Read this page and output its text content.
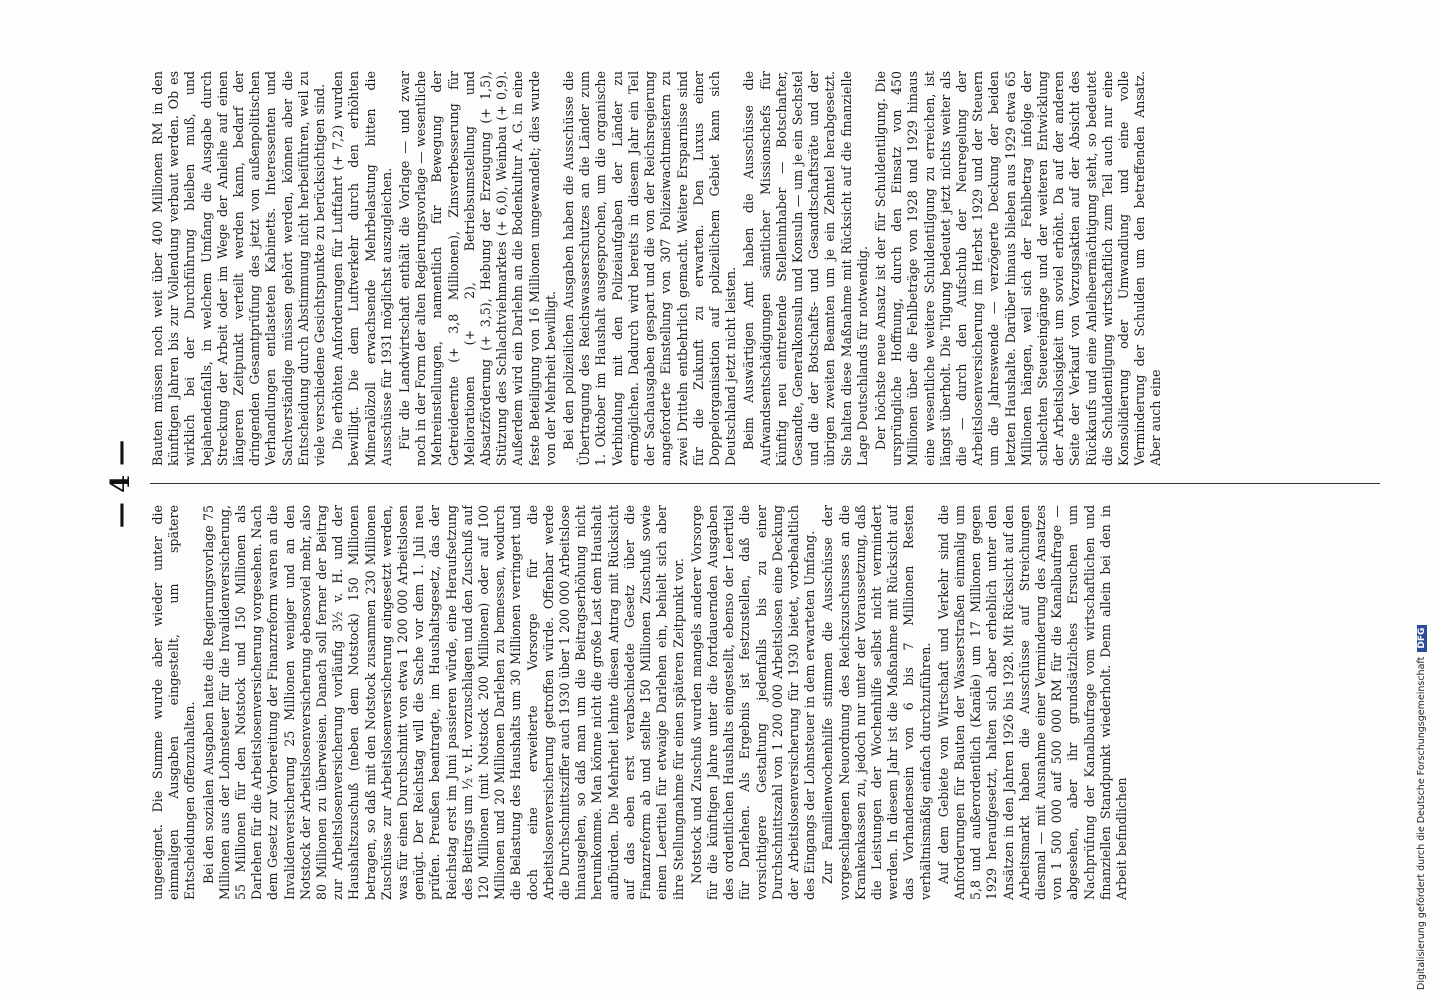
— 4 —

ungeeignet. Die Summe wurde aber wieder unter die einmaligen Ausgaben eingestellt, um spätere Entscheidungen offenzuhalten. Bei den sozialen Ausgaben hatte die Regierungsvorlage 75 Millionen aus der Lohnsteuer für die Invalidenversicherung, 55 Millionen für den Notstock und 150 Millionen als Darlehen für die Arbeitslosenversicherung vorgesehen. Nach dem Gesetz zur Vorbereitung der Finanzreform waren an die Invalidenversicherung 25 Millionen weniger und an den Notstock der Arbeitslosenversicherung ebensoviel mehr, also 80 Millionen zu überweisen. Danach soll ferner der Beitrag zur Arbeitslosenversicherung vorläufig 3½ v. H. und der Haushaltszuschuß (neben dem Notstock) 150 Millionen betragen, so daß mit den Notstock zusammen 230 Millionen Zuschüsse zur Arbeitslosenversicherung eingesetzt werden, was für einen Durchschnitt von etwa 1 200 000 Arbeitslosen genügt. Der Reichstag will die Sache vor dem 1. Juli neu prüfen. Preußen beantragte, im Haushaltsgesetz, das der Reichstag erst im Juni passieren würde, eine Heraufsetzung des Beitrags um ½ v. H. vorzuschlagen und den Zuschuß auf 120 Millionen (mit Notstock 200 Millionen) oder auf 100 Millionen und 20 Millionen Darlehen zu bemessen, wodurch die Belastung des Haushalts um 30 Millionen verringert und doch eine erweiterte Vorsorge für die Arbeitslosenversicherung getroffen würde. Offenbar werde die Durchschnittsziffer auch 1930 über 1 200 000 Arbeitslose hinausgehen, so daß man um die Beitragserhöhung nicht herumkomme. Man könne nicht die große Last dem Haushalt aufbürden. Die Mehrheit lehnte diesen Antrag mit Rücksicht auf das eben erst verabschiedete Gesetz über die Finanzreform ab und stellte 150 Millionen Zuschuß sowie einen Leertitel für etwaige Darlehen ein, behielt sich aber ihre Stellungnahme für einen späteren Zeitpunkt vor. Notstock und Zuschuß wurden mangels anderer Vorsorge für die künftigen Jahre unter die fortdauernden Ausgaben des ordentlichen Haushalts eingestellt, ebenso der Leertitel für Darlehen. Als Ergebnis ist festzustellen, daß die vorsichtigere Gestaltung jedenfalls bis zu einer Durchschnittszahl von 1 200 000 Arbeitslosen eine Deckung der Arbeitslosenversicherung für 1930 bietet, vorbehaltlich des Eingangs der Lohnsteuer in dem erwarteten Umfang. Zur Familienwochenhilfe stimmen die Ausschüsse der vorgeschlagenen Neuordnung des Reichszuschusses an die Krankenkassen zu, jedoch nur unter der Voraussetzung, daß die Leistungen der Wochenhilfe selbst nicht vermindert werden. In diesem Jahr ist die Maßnahme mit Rücksicht auf das Vorhandensein von 6 bis 7 Millionen Resten verhältnismäßig einfach durchzuführen. Auf dem Gebiete von Wirtschaft und Verkehr sind die Anforderungen für Bauten der Wasserstraßen einmalig um 5,8 und außerordentlich (Kanäle) um 17 Millionen gegen 1929 heraufgesetzt, halten sich aber erheblich unter den Ansätzen in den Jahren 1926 bis 1928. Mit Rücksicht auf den Arbeitsmarkt haben die Ausschüsse auf Streichungen diesmal — mit Ausnahme einer Verminderung des Ansatzes von 1 500 000 auf 500 000 RM für die Kanalbaufrage — abgesehen, aber ihr grundsätzliches Ersuchen um Nachprüfung der Kanalbaufrage vom wirtschaftlichen und finanziellen Standpunkt wiederholt. Denn allein bei den in Arbeit befindlichen

Bauten müssen noch weit über 400 Millionen RM in den künftigen Jahren bis zur Vollendung verbaut werden. Ob es wirklich bei der Durchführung bleiben muß, und bejahendenfalls, in welchem Umfang die Ausgabe durch Streckung der Arbeit oder im Wege der Anleihe auf einen längeren Zeitpunkt verteilt werden kann, bedarf der dringenden Gesamtprüfung des jetzt von außenpolitischen Verhandlungen entlasteten Kabinetts. Interessenten und Sachverständige müssen gehört werden, können aber die Entscheidung durch Abstimmung nicht herbeiführen, weil zu viele verschiedene Gesichtspunkte zu berücksichtigen sind. Die erhöhten Anforderungen für Luftfahrt (+ 7,2) wurden bewilligt. Die dem Luftverkehr durch den erhöhten Mineralölzoll erwachsende Mehrbelastung bitten die Ausschüsse für 1931 möglichst auszugleichen. Für die Landwirtschaft enthält die Vorlage — und zwar noch in der Form der alten Regierungsvorlage — wesentliche Mehreinstellungen, namentlich für Bewegung der Getreideernte (+ 3,8 Millionen), Zinsverbesserung für Meliorationen (+ 2), Betriebsumstellung und Absatzförderung (+ 3,5), Hebung der Erzeugung (+ 1,5), Stützung des Schlachtviehmarktes (+ 6,0), Weinbau (+ 0,9). Außerdem wird ein Darlehn an die Bodenkultur A. G. in eine feste Beteiligung von 16 Millionen umgewandelt; dies wurde von der Mehrheit bewilligt. Bei den polizeilichen Ausgaben haben die Ausschüsse die Übertragung des Reichswasserschutzes an die Länder zum 1. Oktober im Haushalt ausgesprochen, um die organische Verbindung mit den Polizeiaufgaben der Länder zu ermöglichen. Dadurch wird bereits in diesem Jahr ein Teil der Sachausgaben gespart und die von der Reichsregierung angeforderte Einstellung von 307 Polizeiwachtmeistern zu zwei Dritteln entbehrlich gemacht. Weitere Ersparnisse sind für die Zukunft zu erwarten. Den Luxus einer Doppelorganisation auf polizeilichem Gebiet kann sich Deutschland jetzt nicht leisten. Beim Auswärtigen Amt haben die Ausschüsse die Aufwandsentschädigungen sämtlicher Missionschefs für künftig neu eintretende Stelleninhaber — Botschafter, Gesandte, Generalkonsuln und Konsuln — um je ein Sechstel und die der Botschafts- und Gesandtschaftsräte und der übrigen zweiten Beamten um je ein Zehntel herabgesetzt. Sie halten diese Maßnahme mit Rücksicht auf die finanzielle Lage Deutschlands für notwendig. Der höchste neue Ansatz ist der für Schuldentilgung. Die ursprüngliche Hoffnung, durch den Einsatz von 450 Millionen über die Fehlbeträge von 1928 und 1929 hinaus eine wesentliche weitere Schuldentilgung zu erreichen, ist längst überholt. Die Tilgung bedeutet jetzt nichts weiter als die — durch den Aufschub der Neuregelung der Arbeitslosenversicherung im Herbst 1929 und der Steuern um die Jahreswende — verzögerte Deckung der beiden letzten Haushalte. Darüber hinaus blieben aus 1929 etwa 65 Millionen hängen, weil sich der Fehlbetrag infolge der schlechten Steuereingänge und der weiteren Entwicklung der Arbeitslosigkeit um soviel erhöht. Da auf der anderen Seite der Verkauf von Vorzugsaktien auf der Absicht des Rückkaufs und eine Anleiheermächtigung steht, so bedeutet die Schuldentilgung wirtschaftlich zum Teil auch nur eine Konsolidierung oder Umwandlung und eine volle Verminderung der Schulden um den betreffenden Ansatz. Aber auch eine

Digitalisierung gefördert durch die Deutsche Forschungsgemeinschaft DFG
